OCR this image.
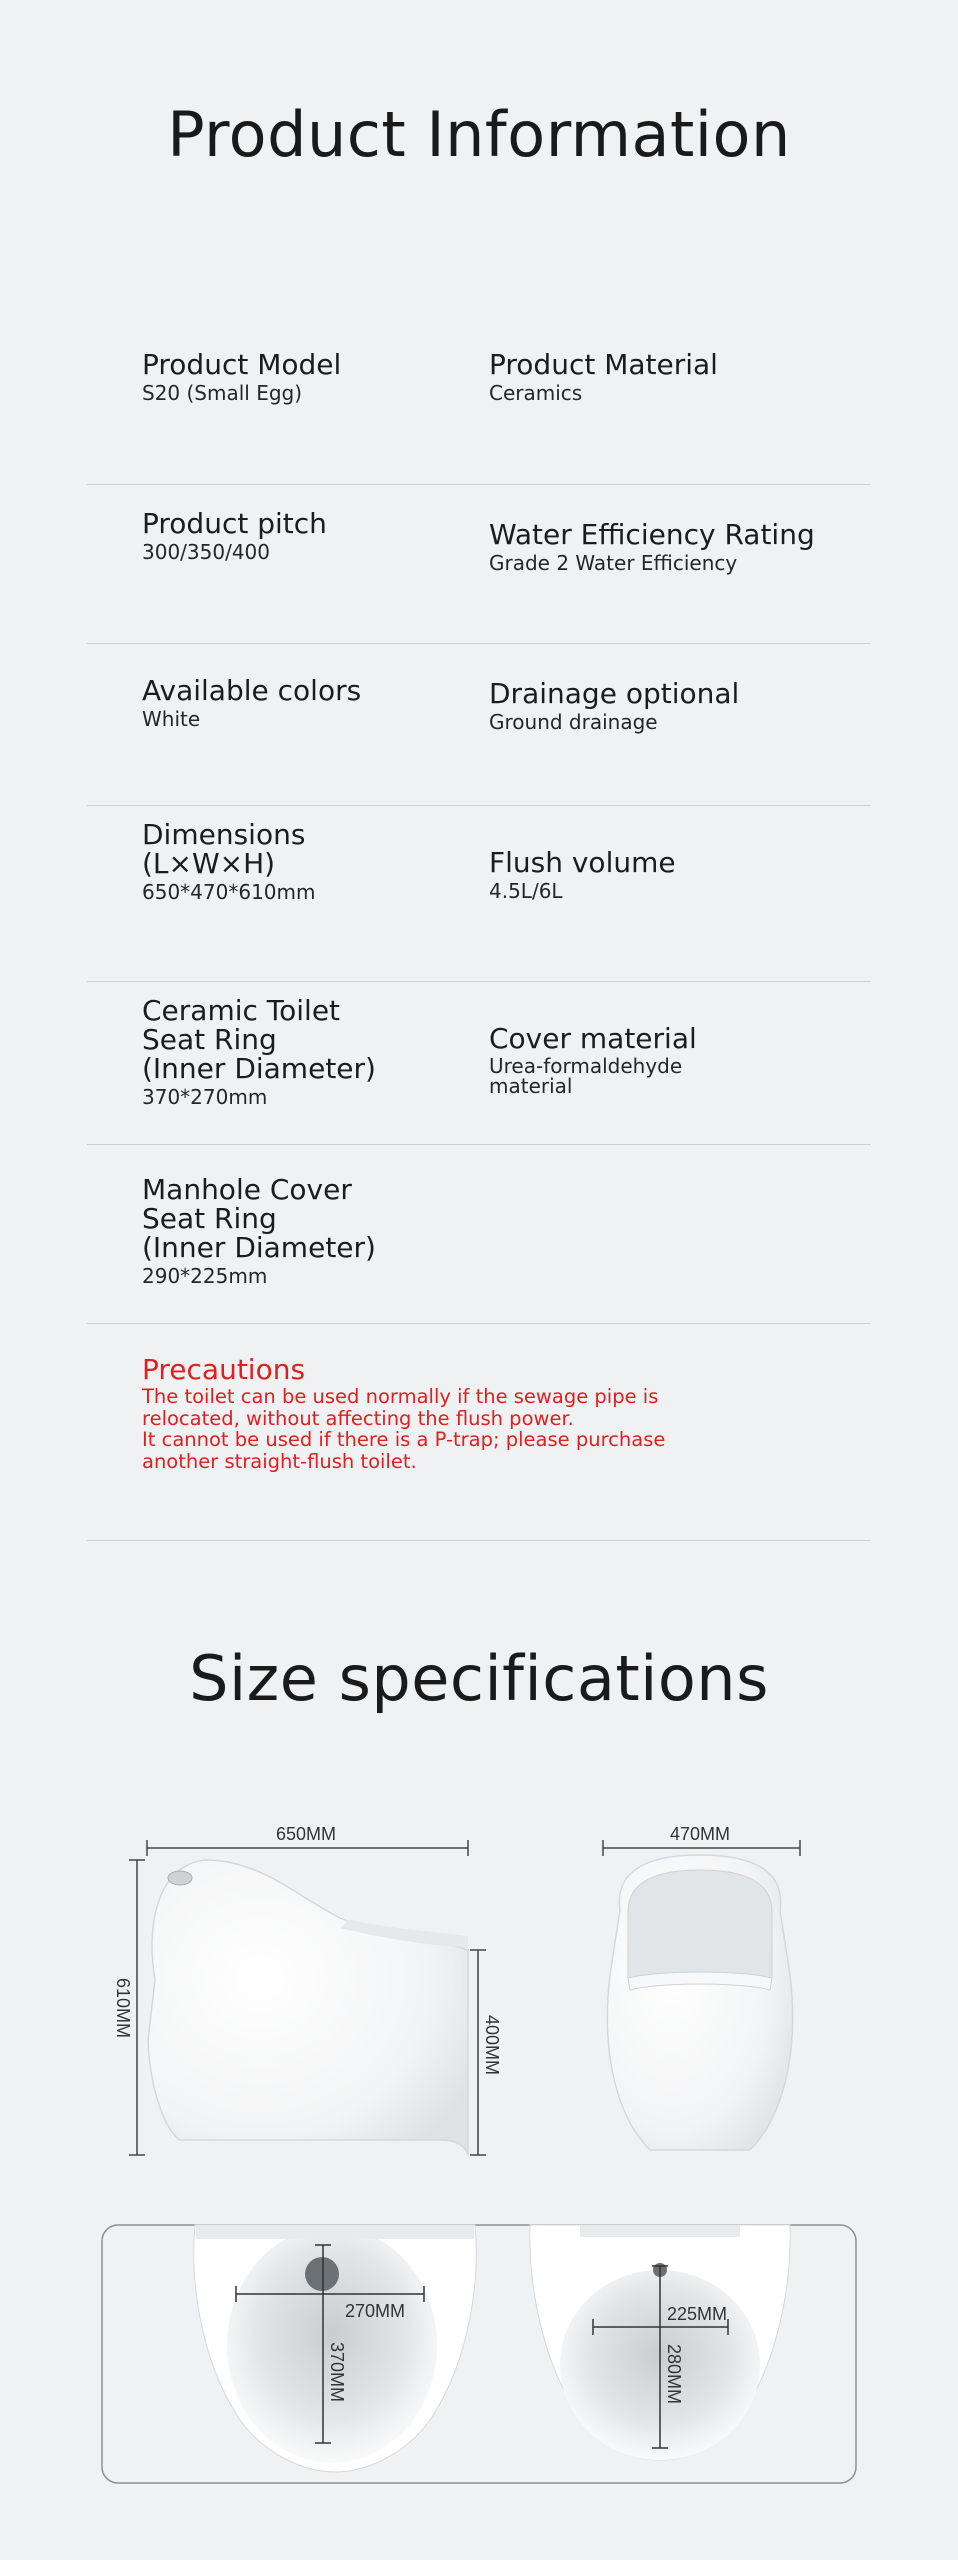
Product Information
Product Model
S20 (Small Egg)
Product Material
Ceramics
Product pitch
300/350/400
Water Efficiency Rating
Grade 2 Water Efficiency
Available colors
White
Drainage optional
Ground drainage
Dimensions
(L×W×H)
650*470*610mm
Flush volume
4.5L/6L
Ceramic Toilet
Seat Ring
(Inner Diameter)
370*270mm
Cover material
Urea-formaldehyde
material
Manhole Cover
Seat Ring
(Inner Diameter)
290*225mm
Precautions
The toilet can be used normally if the sewage pipe is
relocated, without affecting the flush power.
It cannot be used if there is a P-trap; please purchase
another straight-flush toilet.
Size specifications
650MM
610MM
400MM
470MM
270MM
370MM
225MM
280MM
